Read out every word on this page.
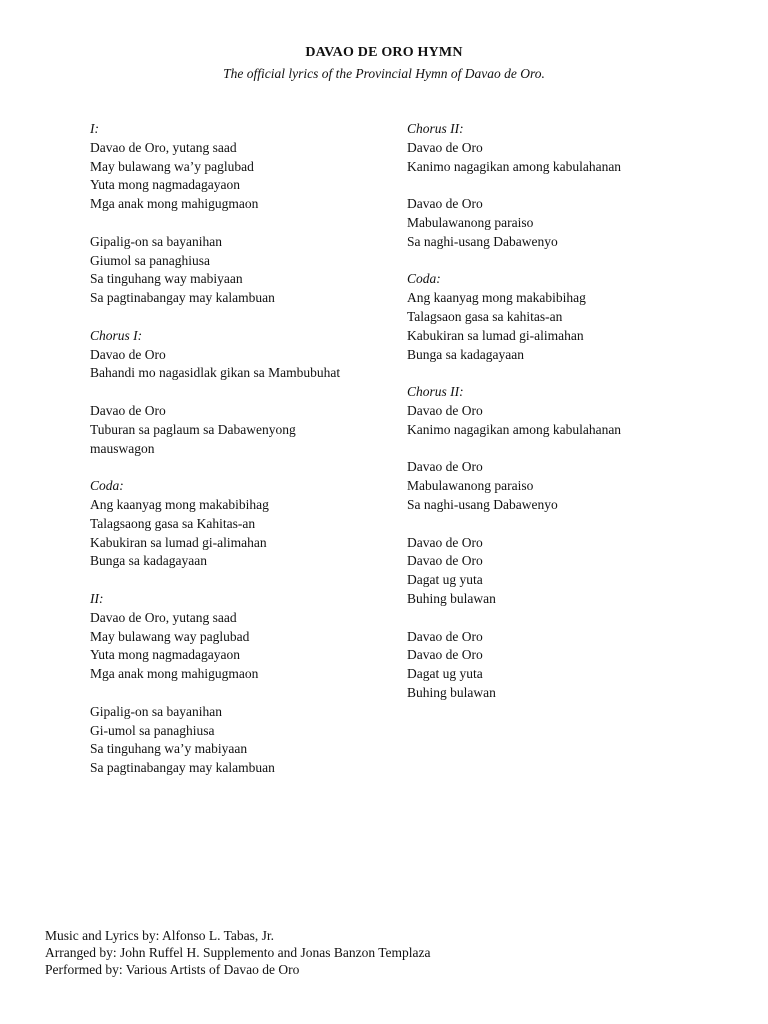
DAVAO DE ORO HYMN
The official lyrics of the Provincial Hymn of Davao de Oro.
I:
Davao de Oro, yutang saad
May bulawang wa’y paglubad
Yuta mong nagmadagayaon
Mga anak mong mahigugmaon
Gipalig-on sa bayanihan
Giumol sa panaghiusa
Sa tinguhang way mabiyaan
Sa pagtinabangay may kalambuan
Chorus I:
Davao de Oro
Bahandi mo nagasidlak gikan sa Mambubuhat
Davao de Oro
Tuburan sa paglaum sa Dabawenyong
mauswagon
Coda:
Ang kaanyag mong makabibihag
Talagsaong gasa sa Kahitas-an
Kabukiran sa lumad gi-alimahan
Bunga sa kadagayaan
II:
Davao de Oro, yutang saad
May bulawang way paglubad
Yuta mong nagmadagayaon
Mga anak mong mahigugmaon
Gipalig-on sa bayanihan
Gi-umol sa panaghiusa
Sa tinguhang wa’y mabiyaan
Sa pagtinabangay may kalambuan
Chorus II:
Davao de Oro
Kanimo nagagikan among kabulahanan
Davao de Oro
Mabulawanong paraiso
Sa naghi-usang Dabawenyo
Coda:
Ang kaanyag mong makabibihag
Talagsaon gasa sa kahitas-an
Kabukiran sa lumad gi-alimahan
Bunga sa kadagayaan
Chorus II:
Davao de Oro
Kanimo nagagikan among kabulahanan
Davao de Oro
Mabulawanong paraiso
Sa naghi-usang Dabawenyo
Davao de Oro
Davao de Oro
Dagat ug yuta
Buhing bulawan
Davao de Oro
Davao de Oro
Dagat ug yuta
Buhing bulawan
Music and Lyrics by: Alfonso L. Tabas, Jr.
Arranged by: John Ruffel H. Supplemento and Jonas Banzon Templaza
Performed by: Various Artists of Davao de Oro
